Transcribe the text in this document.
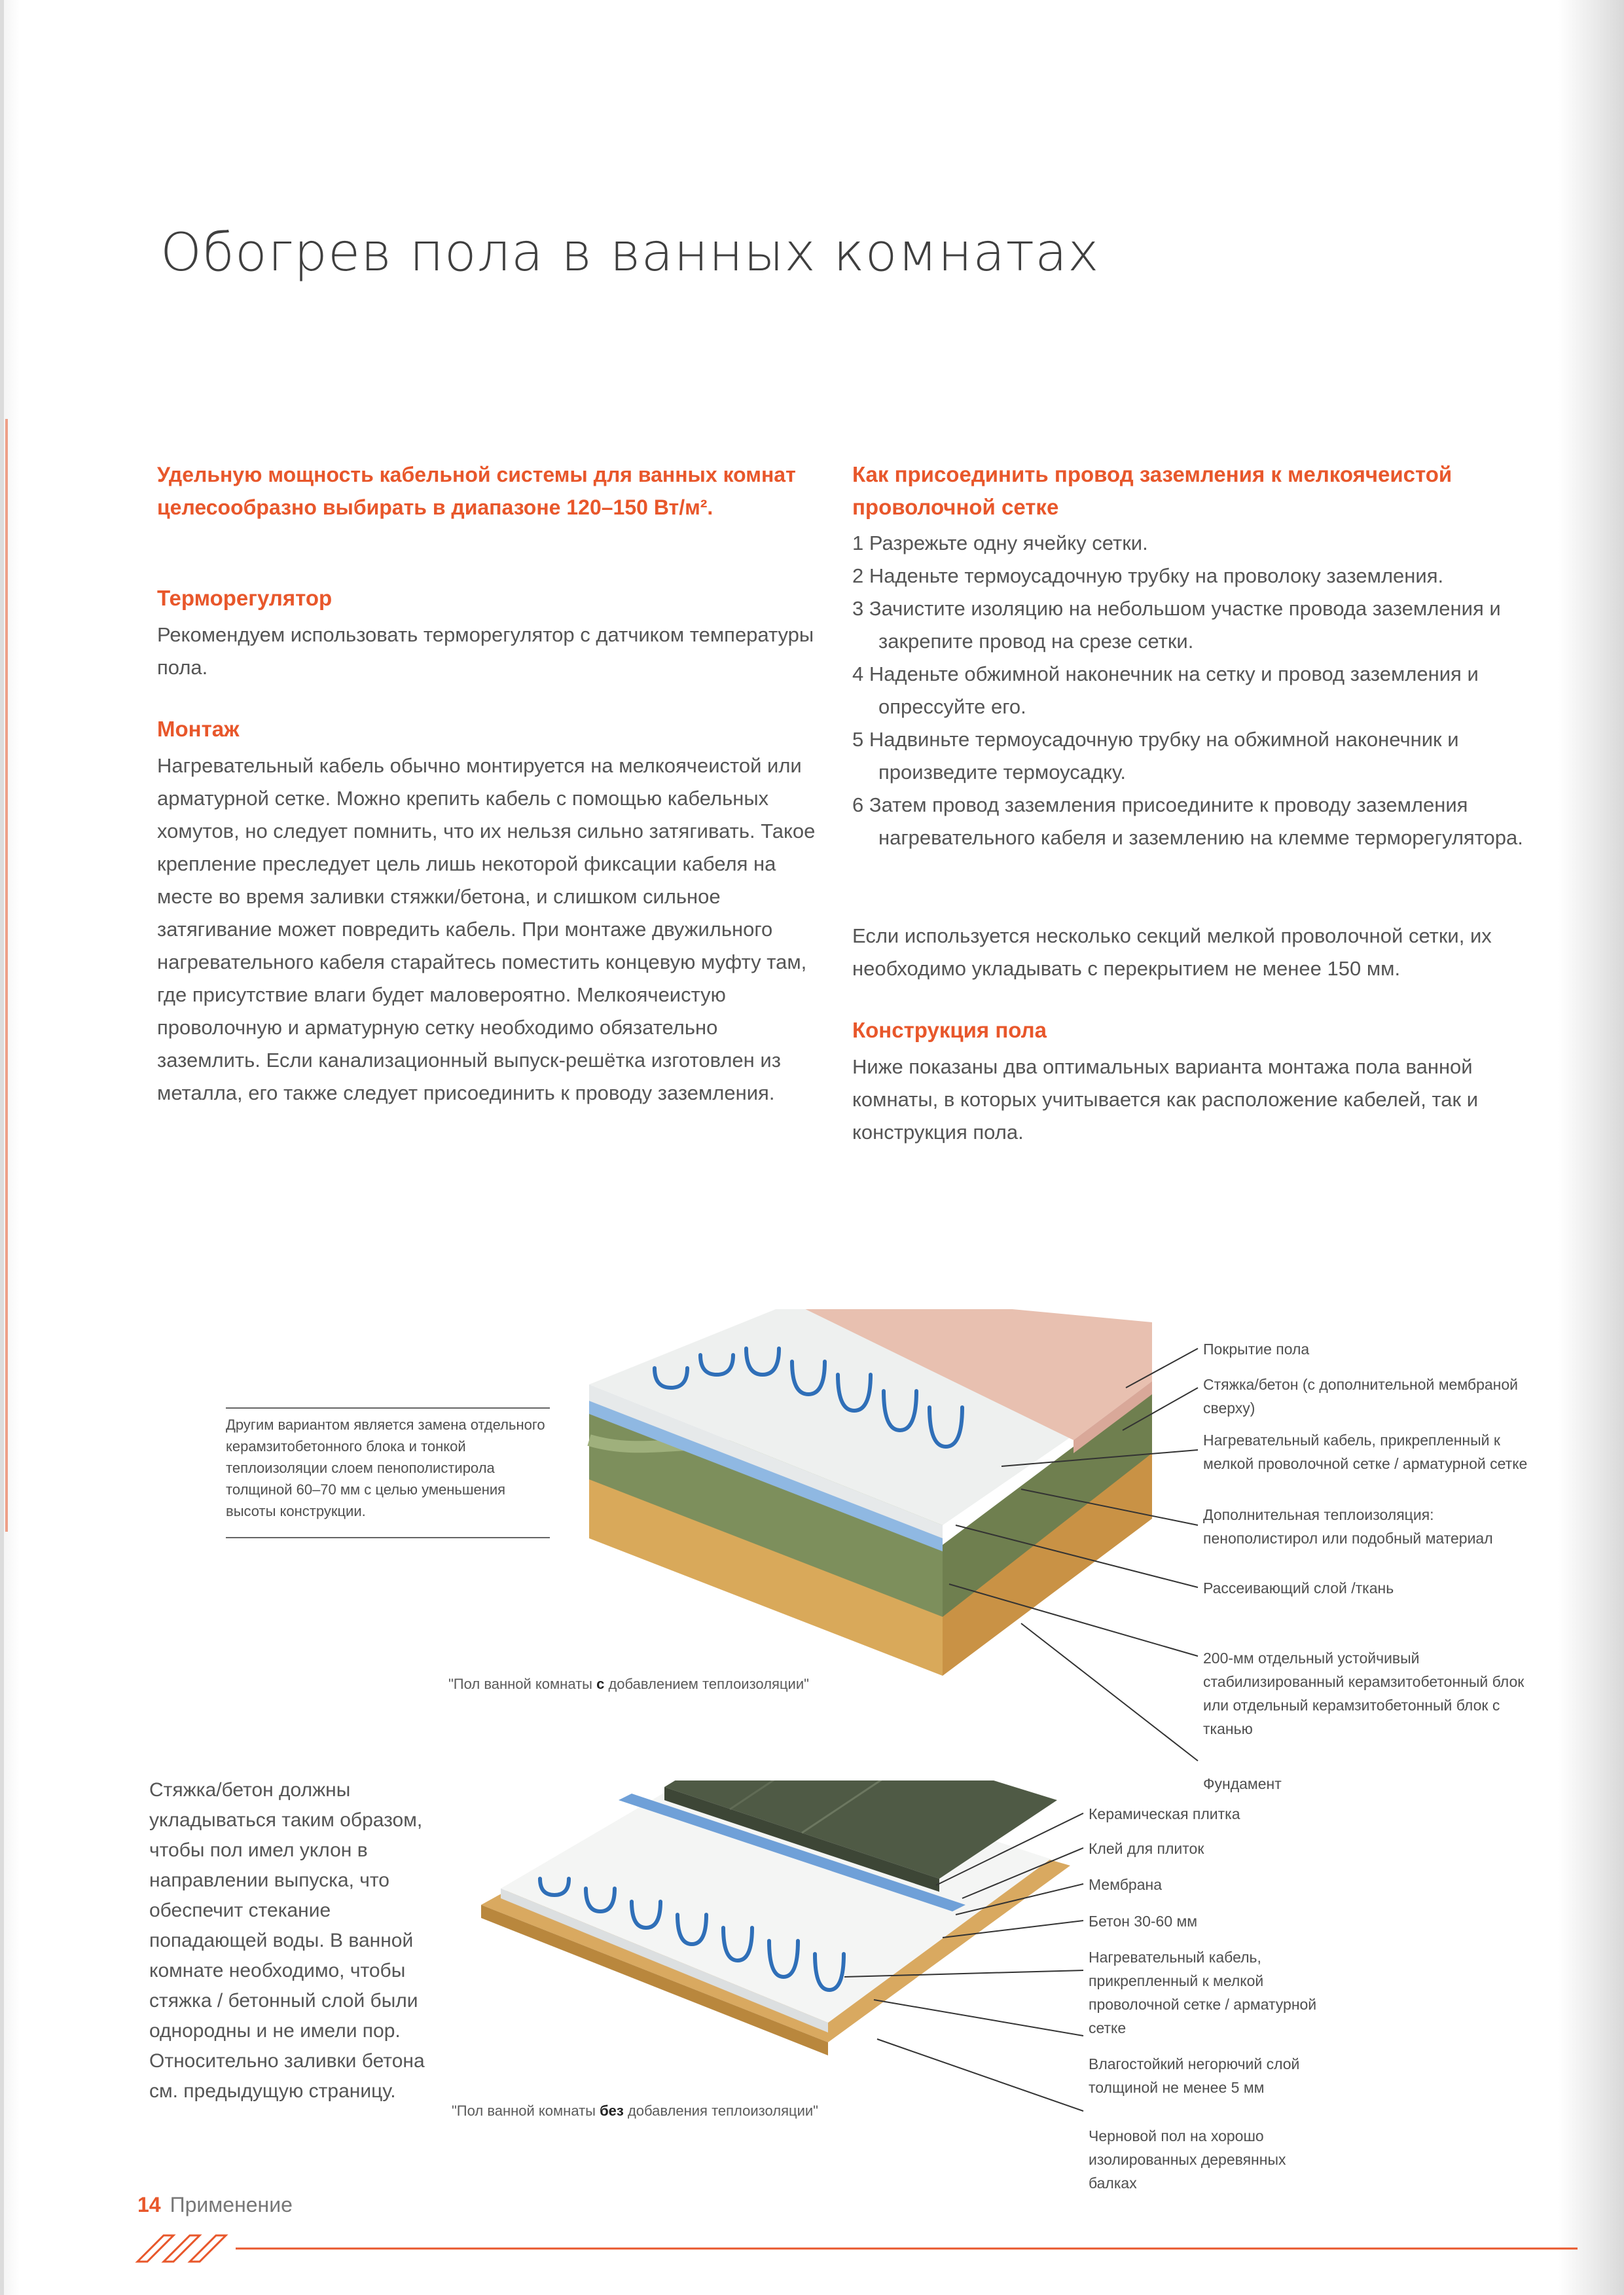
Обогрев пола в ванных комнатах
Удельную мощность кабельной системы для ванных комнат целесообразно выбирать в диапазоне 120–150 Вт/м².
Терморегулятор
Рекомендуем использовать терморегулятор с датчиком температуры пола.
Монтаж
Нагревательный кабель обычно монтируется на мелкоячеистой или арматурной сетке. Можно крепить кабель с помощью кабельных хомутов, но следует помнить, что их нельзя сильно затягивать. Такое крепление преследует цель лишь некоторой фиксации кабеля на месте во время заливки стяжки/бетона, и слишком сильное затягивание может повредить кабель. При монтаже двужильного нагревательного кабеля старайтесь поместить концевую муфту там, где присутствие влаги будет маловероятно. Мелкоячеистую проволочную и арматурную сетку необходимо обязательно заземлить. Если канализационный выпуск-решётка изготовлен из металла, его также следует присоединить к проводу заземления.
Как присоединить провод заземления к мелкоячеистой проволочной сетке

1 Разрежьте одну ячейку сетки.

2 Наденьте термоусадочную трубку на проволоку заземления.

3 Зачистите изоляцию на небольшом участке провода заземления и закрепите провод на срезе сетки.

4 Наденьте обжимной наконечник на сетку и провод заземления и опрессуйте его.

5 Надвиньте термоусадочную трубку на обжимной наконечник и произведите термоусадку.

6 Затем провод заземления присоедините к проводу заземления нагревательного кабеля и заземлению на клемме терморегулятора.

Если используется несколько секций мелкой проволочной сетки, их необходимо укладывать с перекрытием не менее 150 мм.
Конструкция пола
Ниже показаны два оптимальных варианта монтажа пола ванной комнаты, в которых учитывается как расположение кабелей, так и конструкция пола.
Другим вариантом является замена отдельного керамзитобетонного блока и тонкой теплоизоляции слоем пенополистирола толщиной 60–70 мм с целью уменьшения высоты конструкции.
"Пол ванной комнаты с добавлением теплоизоляции"
Покрытие пола
Стяжка/бетон (с дополнительной мембраной сверху)
Нагревательный кабель, прикрепленный к мелкой проволочной сетке / арматурной сетке
Дополнительная теплоизоляция: пенополистирол или подобный материал
Рассеивающий слой /ткань
200-мм отдельный устойчивый стабилизированный керамзитобетонный блок или отдельный керамзитобетонный блок с тканью
Фундамент
Стяжка/бетон должны укладываться таким образом, чтобы пол имел уклон в направлении выпуска, что обеспечит стекание попадающей воды. В ванной комнате необходимо, чтобы стяжка / бетонный слой были однородны и не имели пор. Относительно заливки бетона см. предыдущую страницу.
"Пол ванной комнаты без добавления теплоизоляции"
Керамическая плитка
Клей для плиток
Мембрана
Бетон 30-60 мм
Нагревательный кабель, прикрепленный к мелкой проволочной сетке / арматурной сетке
Влагостойкий негорючий слой толщиной не менее 5 мм
Черновой пол на хорошо изолированных деревянных балках
14 Применение
